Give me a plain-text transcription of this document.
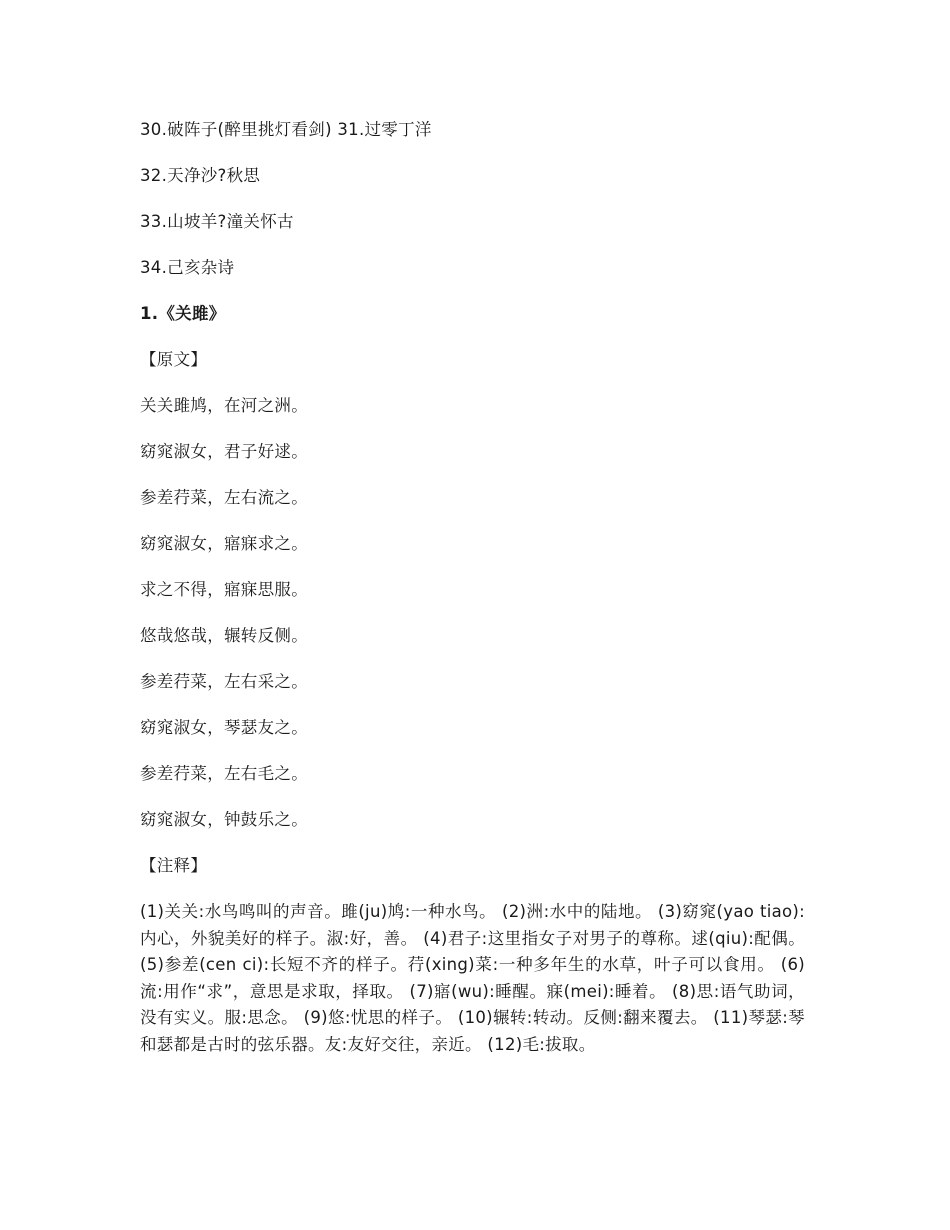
30.破阵子(醉里挑灯看剑) 31.过零丁洋
32.天净沙?秋思
33.山坡羊?潼关怀古
34.己亥杂诗
1.《关雎》
【原文】
关关雎鸠，在河之洲。
窈窕淑女，君子好逑。
参差荇菜，左右流之。
窈窕淑女，寤寐求之。
求之不得，寤寐思服。
悠哉悠哉，辗转反侧。
参差荇菜，左右采之。
窈窕淑女，琴瑟友之。
参差荇菜，左右毛之。
窈窕淑女，钟鼓乐之。
【注释】
(1)关关:水鸟鸣叫的声音。雎(ju)鸠:一种水鸟。 (2)洲:水中的陆地。 (3)窈窕(yao tiao):内心，外貌美好的样子。淑:好，善。 (4)君子:这里指女子对男子的尊称。逑(qiu):配偶。 (5)参差(cen ci):长短不齐的样子。荇(xing)菜:一种多年生的水草，叶子可以食用。 (6)流:用作“求”，意思是求取，择取。 (7)寤(wu):睡醒。寐(mei):睡着。 (8)思:语气助词，没有实义。服:思念。 (9)悠:忧思的样子。 (10)辗转:转动。反侧:翻来覆去。 (11)琴瑟:琴和瑟都是古时的弦乐器。友:友好交往，亲近。 (12)毛:拔取。
